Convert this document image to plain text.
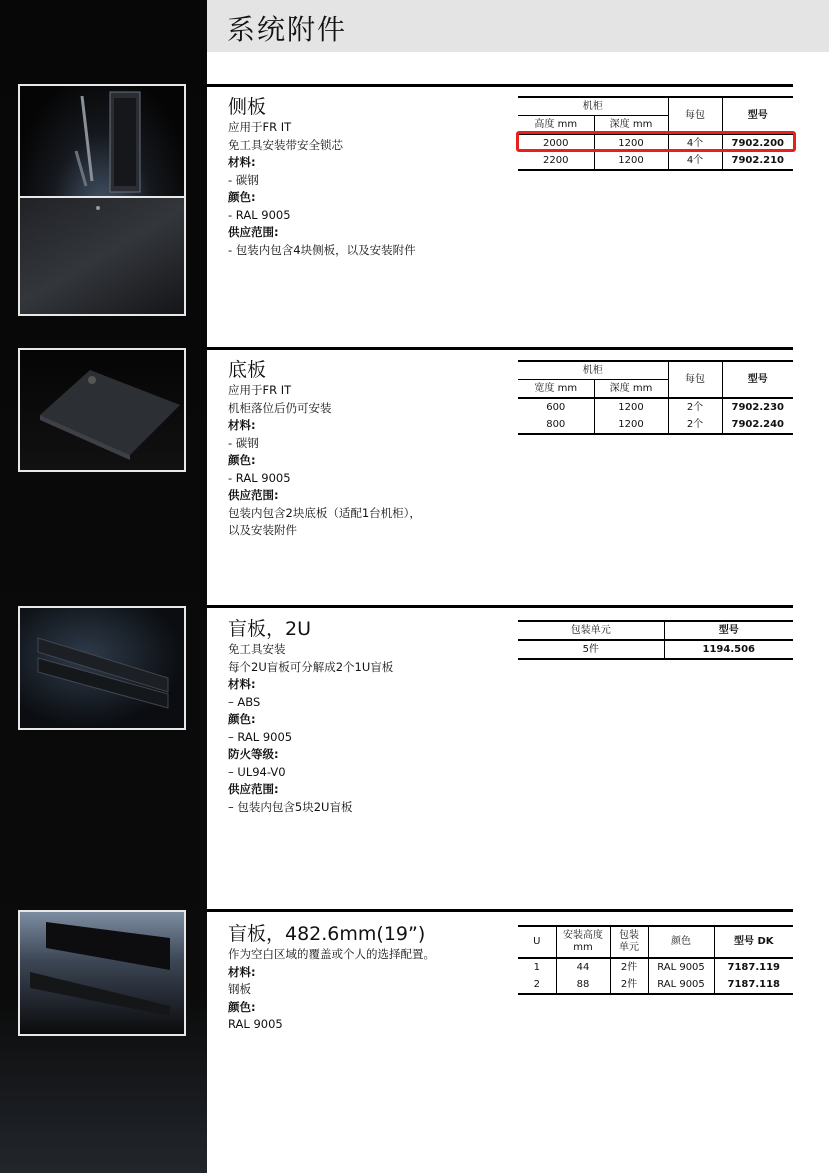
系统附件

侧板

应用于FR IT

免工具安装带安全锁芯

材料:

- 碳钢

颜色:

- RAL 9005

供应范围:

- 包装内包含4块侧板，以及安装附件

机柜		每包	型号
高度 mm	深度 mm		
2000	1200	4个	7902.200
2200	1200	4个	7902.210

底板

应用于FR IT

机柜落位后仍可安装

材料:

- 碳钢

颜色:

- RAL 9005

供应范围:

包装内包含2块底板（适配1台机柜），

以及安装附件

机柜		每包	型号
宽度 mm	深度 mm		
600	1200	2个	7902.230
800	1200	2个	7902.240

盲板，2U

免工具安装

每个2U盲板可分解成2个1U盲板

材料:

– ABS

颜色:

– RAL 9005

防火等级:

– UL94-V0

供应范围:

– 包装内包含5块2U盲板

包装单元	型号
5件	1194.506

盲板，482.6mm(19”)

作为空白区域的覆盖或个人的选择配置。

材料:

钢板

颜色:

RAL 9005

U	安装高度 mm	包装 单元	颜色	型号 DK
1	44	2件	RAL 9005	7187.119
2	88	2件	RAL 9005	7187.118
